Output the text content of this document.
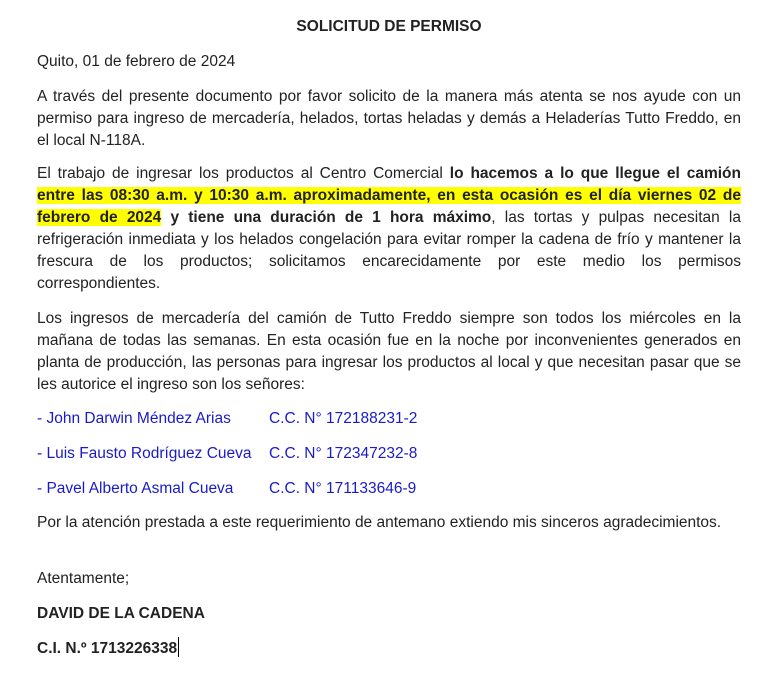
SOLICITUD DE PERMISO

Quito, 01 de febrero de 2024

A través del presente documento por favor solicito de la manera más atenta se nos ayude con un permiso para ingreso de mercadería, helados, tortas heladas y demás a Heladerías Tutto Freddo, en el local N-118A.

El trabajo de ingresar los productos al Centro Comercial lo hacemos a lo que llegue el camión entre las 08:30 a.m. y 10:30 a.m. aproximadamente, en esta ocasión es el día viernes 02 de febrero de 2024 y tiene una duración de 1 hora máximo, las tortas y pulpas necesitan la refrigeración inmediata y los helados congelación para evitar romper la cadena de frío y mantener la frescura de los productos; solicitamos encarecidamente por este medio los permisos correspondientes.

Los ingresos de mercadería del camión de Tutto Freddo siempre son todos los miércoles en la mañana de todas las semanas. En esta ocasión fue en la noche por inconvenientes generados en planta de producción, las personas para ingresar los productos al local y que necesitan pasar que se les autorice el ingreso son los señores:

- John Darwin Méndez Arias C.C. N° 172188231-2
- Luis Fausto Rodríguez Cueva C.C. N° 172347232-8
- Pavel Alberto Asmal Cueva C.C. N° 171133646-9

Por la atención prestada a este requerimiento de antemano extiendo mis sinceros agradecimientos.

Atentamente;

DAVID DE LA CADENA

C.I. N.º 1713226338
